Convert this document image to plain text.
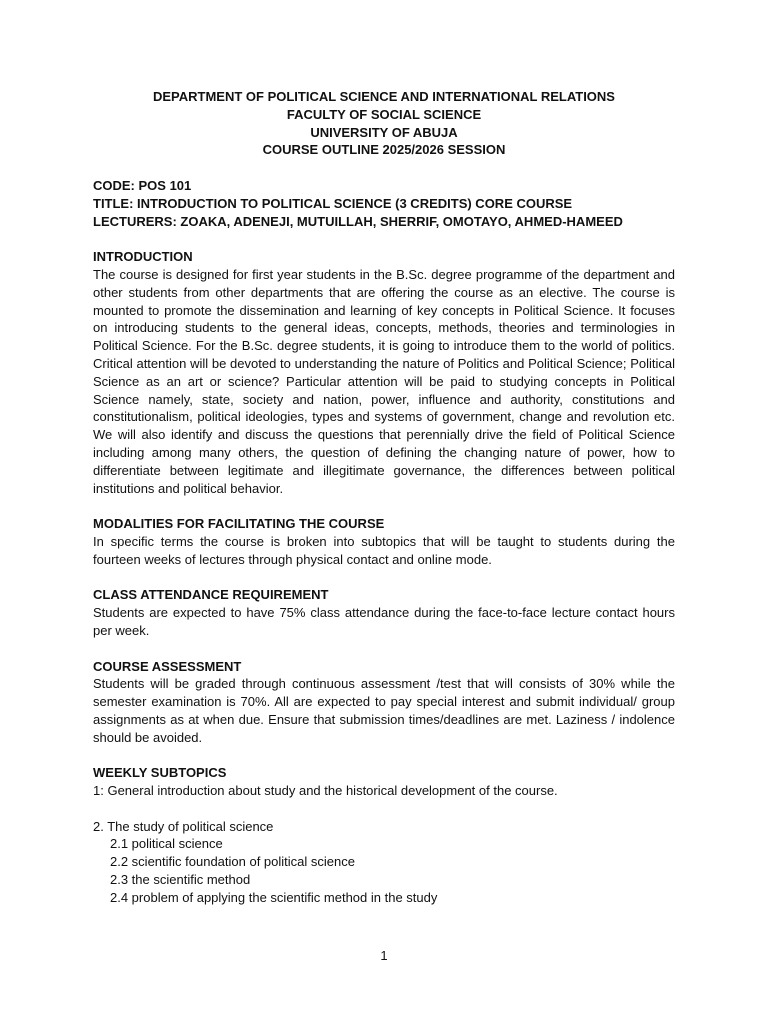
DEPARTMENT OF POLITICAL SCIENCE AND INTERNATIONAL RELATIONS

FACULTY OF SOCIAL SCIENCE

UNIVERSITY OF ABUJA

COURSE OUTLINE 2025/2026 SESSION

CODE: POS 101

TITLE: INTRODUCTION TO POLITICAL SCIENCE (3 CREDITS) CORE COURSE

LECTURERS: ZOAKA, ADENEJI, MUTUILLAH, SHERRIF, OMOTAYO, AHMED-HAMEED

INTRODUCTION

The course is designed for first year students in the B.Sc. degree programme of the department and other students from other departments that are offering the course as an elective. The course is mounted to promote the dissemination and learning of key concepts in Political Science. It focuses on introducing students to the general ideas, concepts, methods, theories and terminologies in Political Science. For the B.Sc. degree students, it is going to introduce them to the world of politics. Critical attention will be devoted to understanding the nature of Politics and Political Science; Political Science as an art or science? Particular attention will be paid to studying concepts in Political Science namely, state, society and nation, power, influence and authority, constitutions and constitutionalism, political ideologies, types and systems of government, change and revolution etc. We will also identify and discuss the questions that perennially drive the field of Political Science including among many others, the question of defining the changing nature of power, how to differentiate between legitimate and illegitimate governance, the differences between political institutions and political behavior.

MODALITIES FOR FACILITATING THE COURSE

In specific terms the course is broken into subtopics that will be taught to students during the fourteen weeks of lectures through physical contact and online mode.

CLASS ATTENDANCE REQUIREMENT

Students are expected to have 75% class attendance during the face-to-face lecture contact hours per week.

COURSE ASSESSMENT

Students will be graded through continuous assessment /test that will consists of 30% while the semester examination is 70%. All are expected to pay special interest and submit individual/ group assignments as at when due. Ensure that submission times/deadlines are met. Laziness / indolence should be avoided.

WEEKLY SUBTOPICS

1: General introduction about study and the historical development of the course.

2. The study of political science

2.1 political science

2.2 scientific foundation of political science

2.3 the scientific method

2.4 problem of applying the scientific method in the study

1
